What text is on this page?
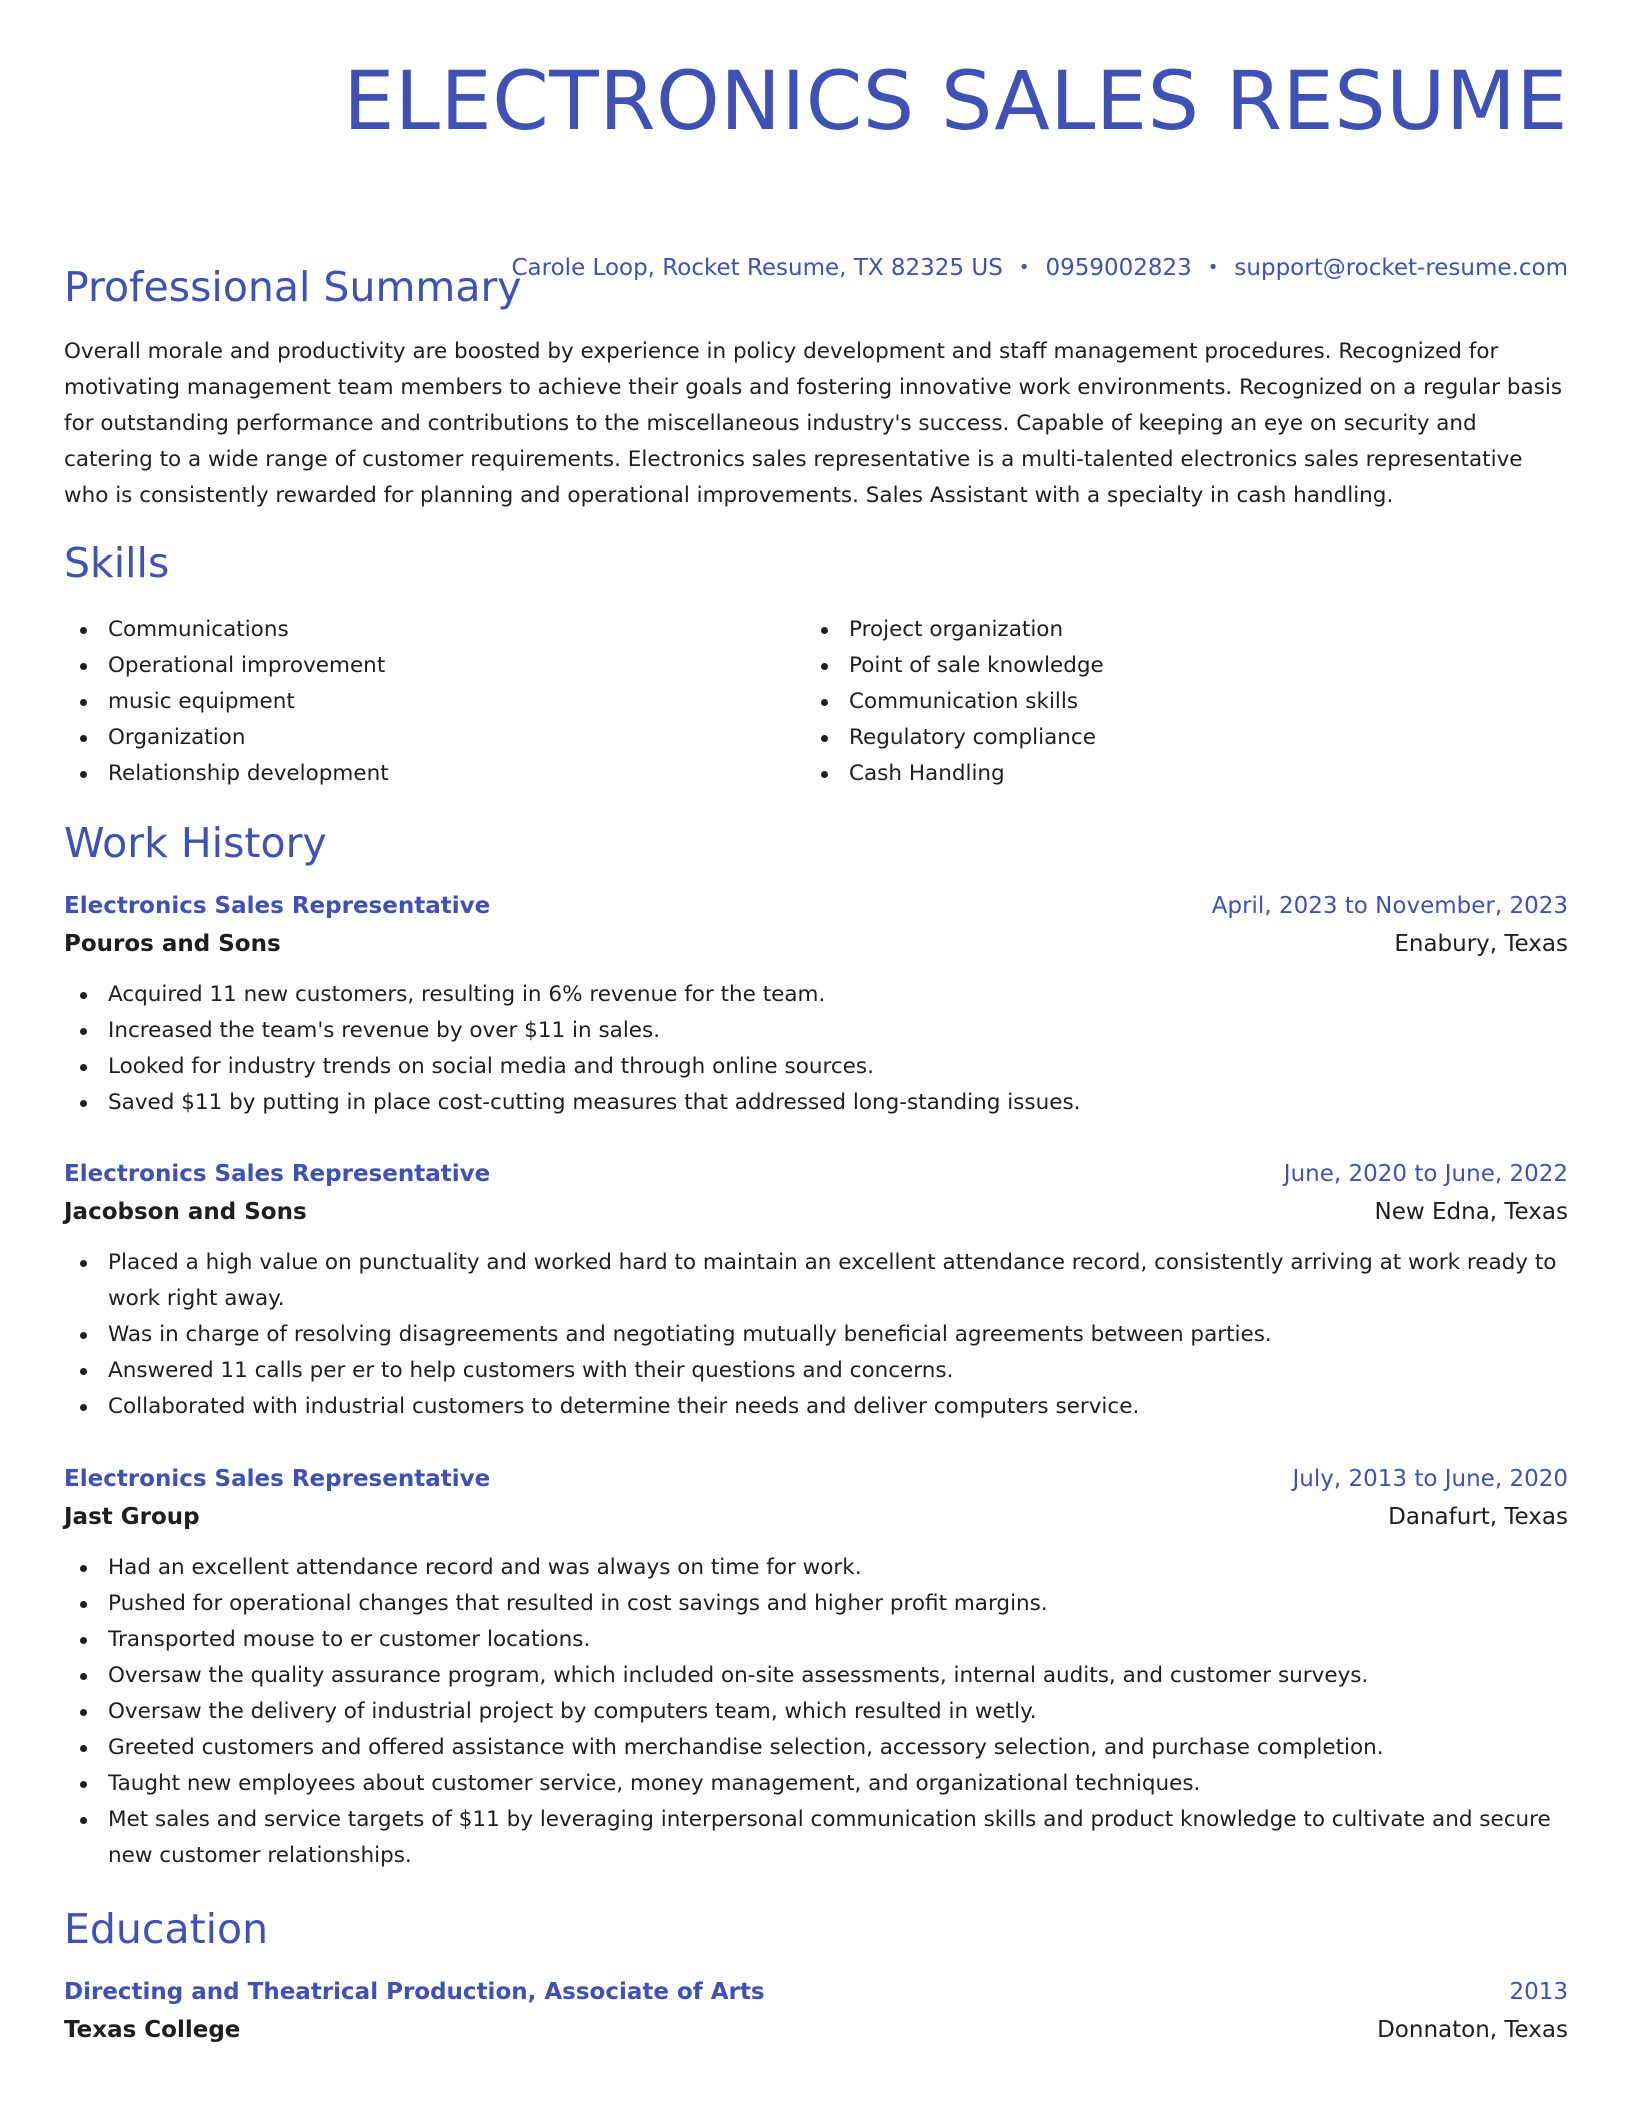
ELECTRONICS SALES RESUME
Carole Loop, Rocket Resume, TX 82325 US • 0959002823 • support@rocket-resume.com
Professional Summary

Overall morale and productivity are boosted by experience in policy development and staff management procedures. Recognized for motivating management team members to achieve their goals and fostering innovative work environments. Recognized on a regular basis for outstanding performance and contributions to the miscellaneous industry's success. Capable of keeping an eye on security and catering to a wide range of customer requirements. Electronics sales representative is a multi-talented electronics sales representative who is consistently rewarded for planning and operational improvements. Sales Assistant with a specialty in cash handling.

Skills
Communications
Operational improvement
music equipment
Organization
Relationship development
Project organization
Point of sale knowledge
Communication skills
Regulatory compliance
Cash Handling
Work History
Electronics Sales Representative	April, 2023 to November, 2023
Pouros and Sons	Enabury, Texas
Acquired 11 new customers, resulting in 6% revenue for the team.
Increased the team's revenue by over $11 in sales.
Looked for industry trends on social media and through online sources.
Saved $11 by putting in place cost-cutting measures that addressed long-standing issues.
Electronics Sales Representative	June, 2020 to June, 2022
Jacobson and Sons	New Edna, Texas
Placed a high value on punctuality and worked hard to maintain an excellent attendance record, consistently arriving at work ready to work right away.
Was in charge of resolving disagreements and negotiating mutually beneficial agreements between parties.
Answered 11 calls per er to help customers with their questions and concerns.
Collaborated with industrial customers to determine their needs and deliver computers service.
Electronics Sales Representative	July, 2013 to June, 2020
Jast Group	Danafurt, Texas
Had an excellent attendance record and was always on time for work.
Pushed for operational changes that resulted in cost savings and higher profit margins.
Transported mouse to er customer locations.
Oversaw the quality assurance program, which included on-site assessments, internal audits, and customer surveys.
Oversaw the delivery of industrial project by computers team, which resulted in wetly.
Greeted customers and offered assistance with merchandise selection, accessory selection, and purchase completion.
Taught new employees about customer service, money management, and organizational techniques.
Met sales and service targets of $11 by leveraging interpersonal communication skills and product knowledge to cultivate and secure new customer relationships.
Education
Directing and Theatrical Production, Associate of Arts	2013
Texas College	Donnaton, Texas
